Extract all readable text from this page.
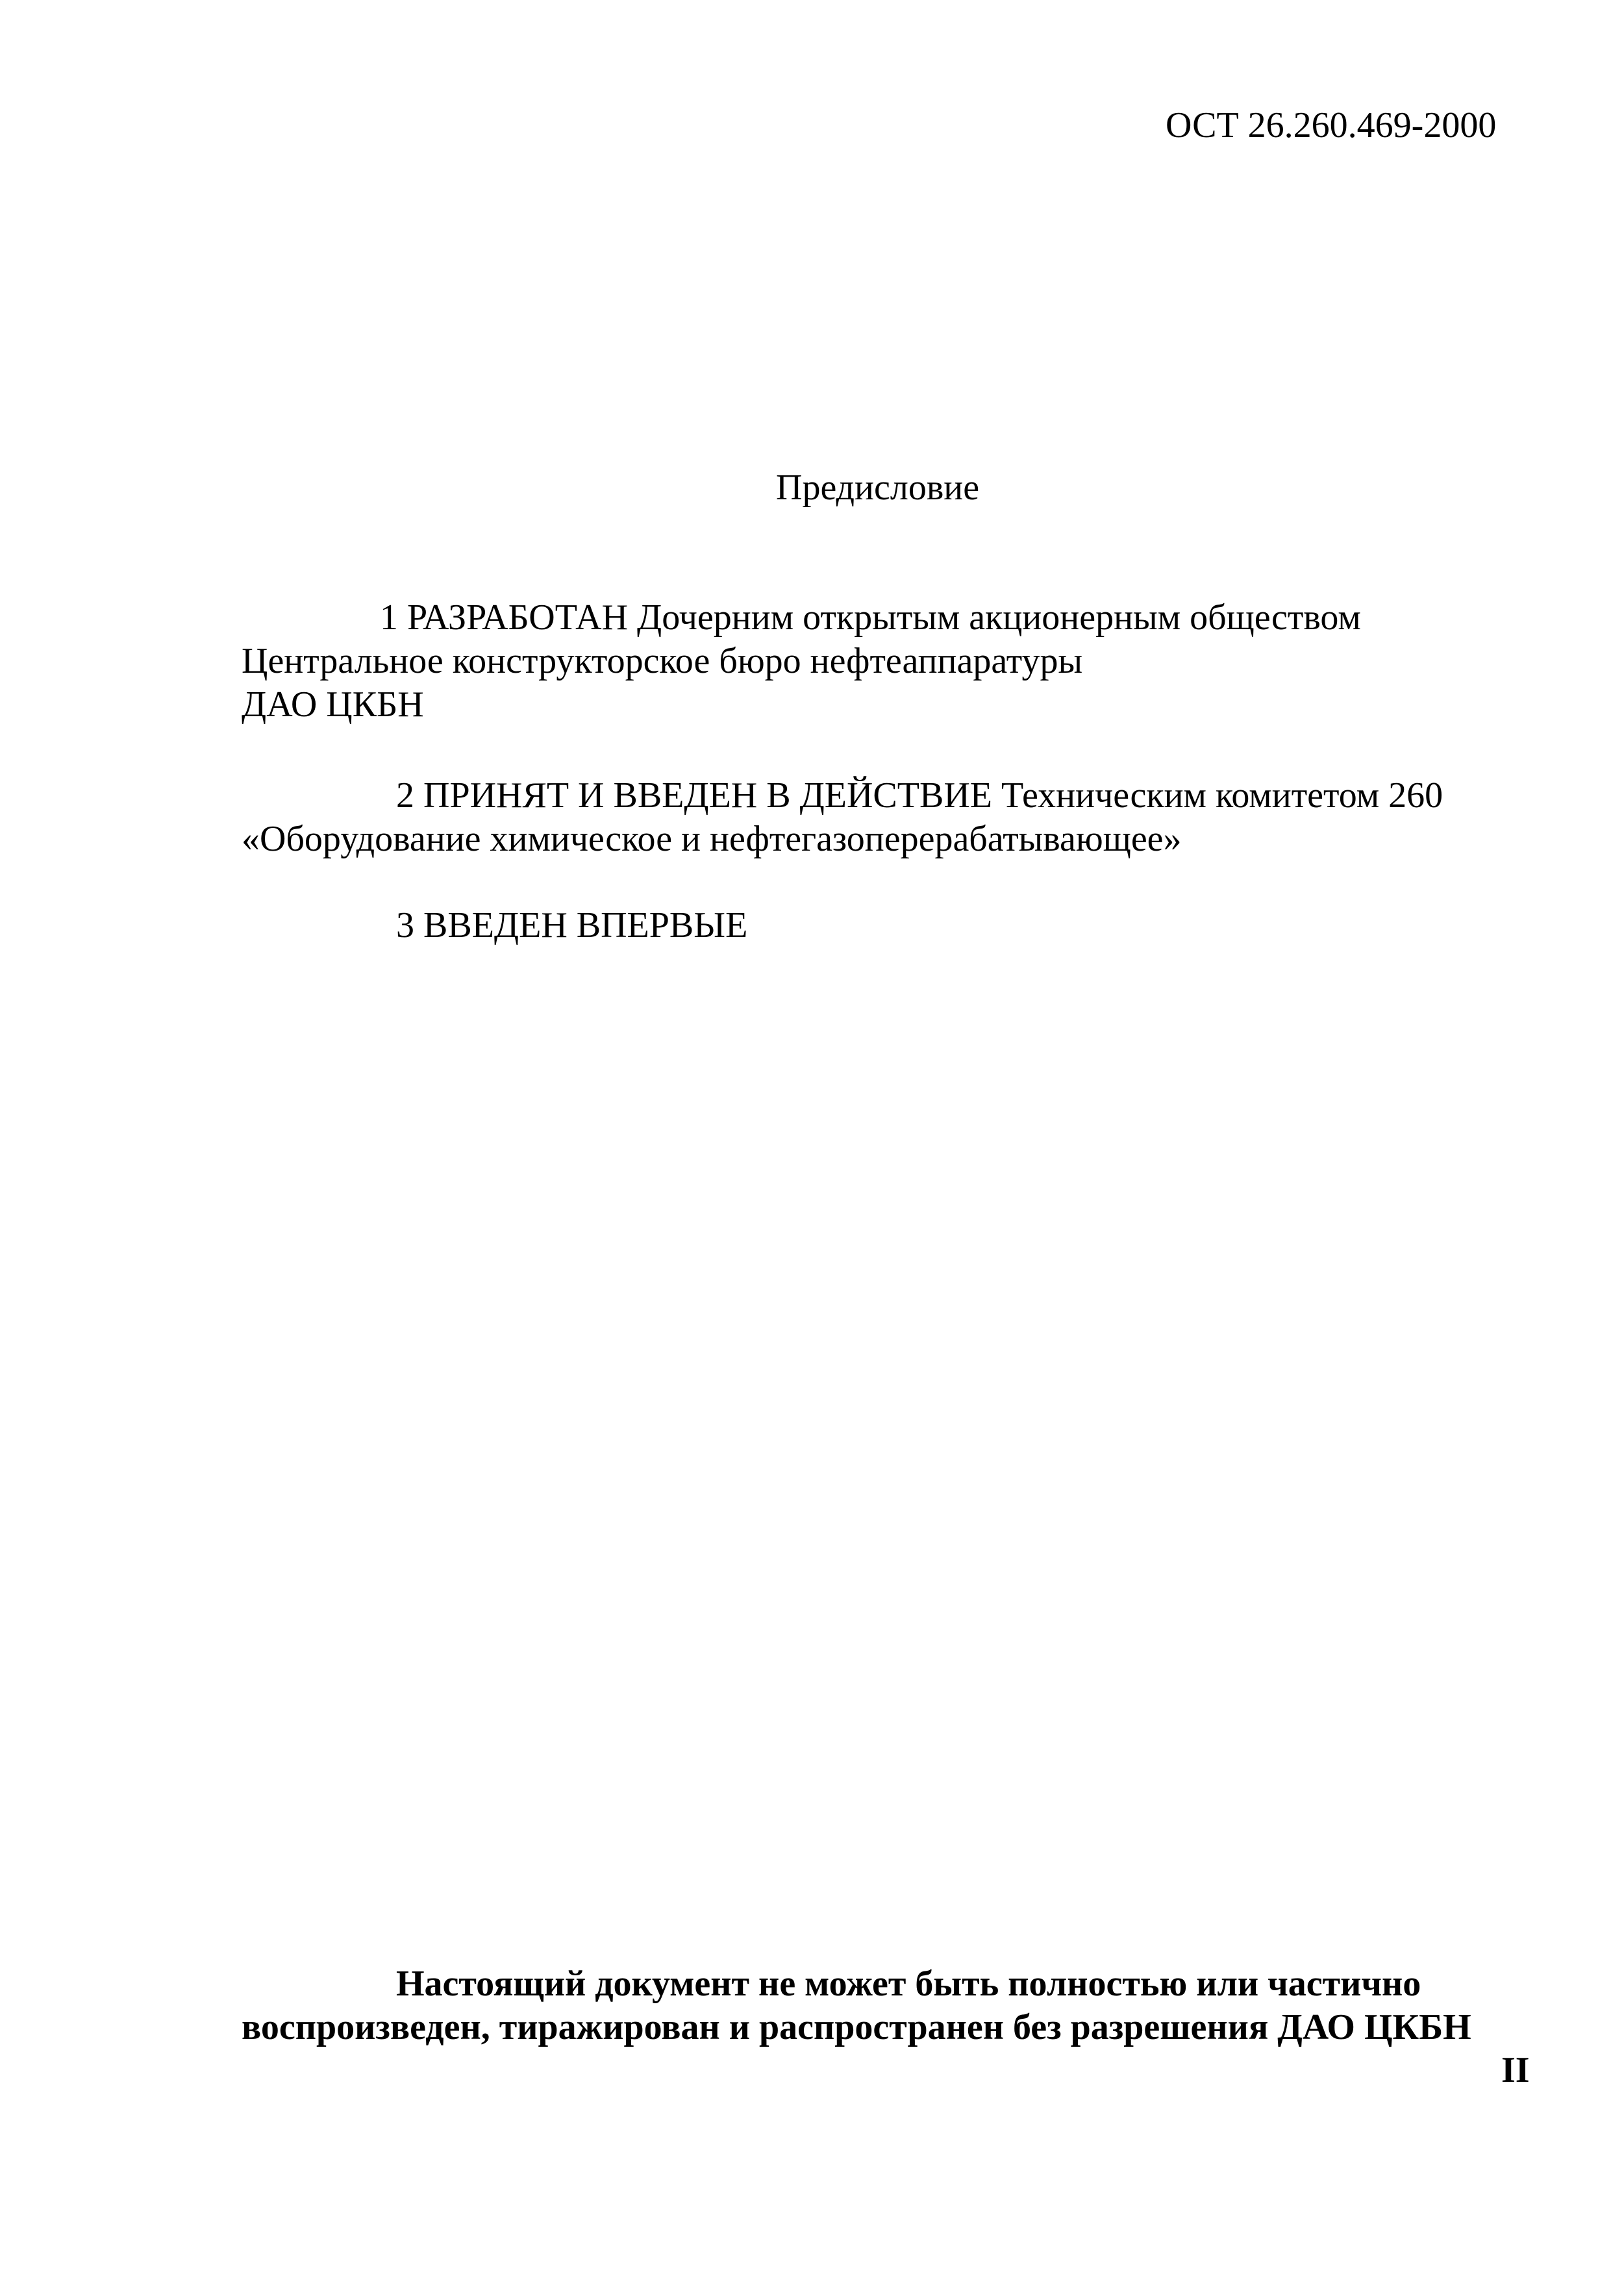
ОСТ 26.260.469-2000
Предисловие
1 РАЗРАБОТАН Дочерним открытым акционерным обществом
Центральное конструкторское бюро нефтеаппаратуры
ДАО ЦКБН
2 ПРИНЯТ И ВВЕДЕН В ДЕЙСТВИЕ Техническим комитетом 260
«Оборудование химическое и нефтегазоперерабатывающее»
3 ВВЕДЕН ВПЕРВЫЕ
Настоящий документ не может быть полностью или частично
воспроизведен, тиражирован и распространен без разрешения ДАО ЦКБН
II
